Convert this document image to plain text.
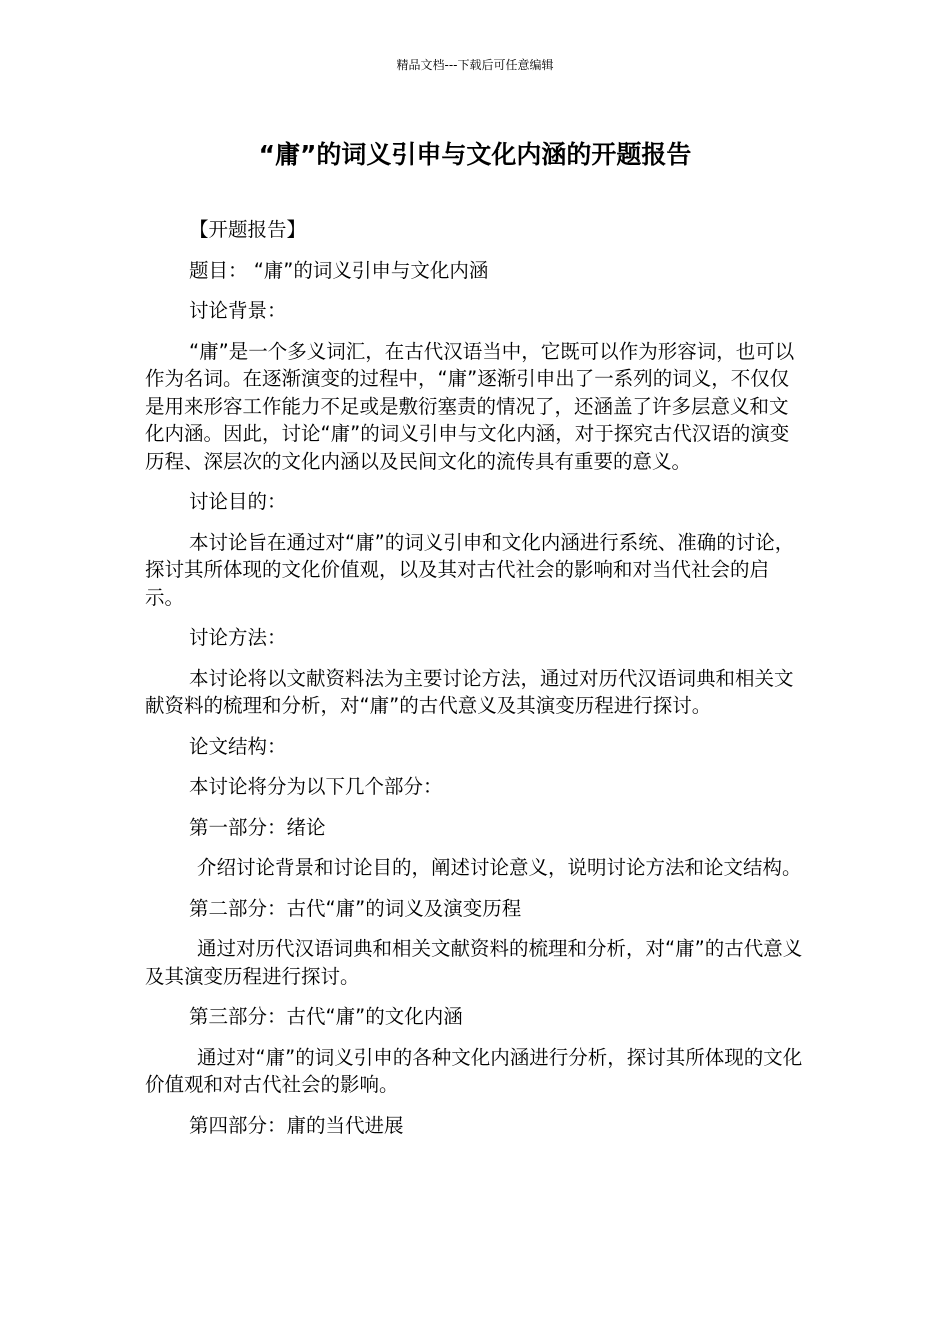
精品文档---下载后可任意编辑
“庸”的词义引申与文化内涵的开题报告

【开题报告】

题目： “庸”的词义引申与文化内涵

讨论背景：

“庸”是一个多义词汇，在古代汉语当中，它既可以作为形容词，也可以作为名词。在逐渐演变的过程中，“庸”逐渐引申出了一系列的词义，不仅仅是用来形容工作能力不足或是敷衍塞责的情况了，还涵盖了许多层意义和文化内涵。因此，讨论“庸”的词义引申与文化内涵，对于探究古代汉语的演变历程、深层次的文化内涵以及民间文化的流传具有重要的意义。

讨论目的：

本讨论旨在通过对“庸”的词义引申和文化内涵进行系统、准确的讨论，探讨其所体现的文化价值观，以及其对古代社会的影响和对当代社会的启示。

讨论方法：

本讨论将以文献资料法为主要讨论方法，通过对历代汉语词典和相关文献资料的梳理和分析，对“庸”的古代意义及其演变历程进行探讨。

论文结构：

本讨论将分为以下几个部分：

第一部分：绪论

介绍讨论背景和讨论目的，阐述讨论意义，说明讨论方法和论文结构。

第二部分：古代“庸”的词义及演变历程

通过对历代汉语词典和相关文献资料的梳理和分析，对“庸”的古代意义及其演变历程进行探讨。

第三部分：古代“庸”的文化内涵

通过对“庸”的词义引申的各种文化内涵进行分析，探讨其所体现的文化价值观和对古代社会的影响。

第四部分：庸的当代进展
